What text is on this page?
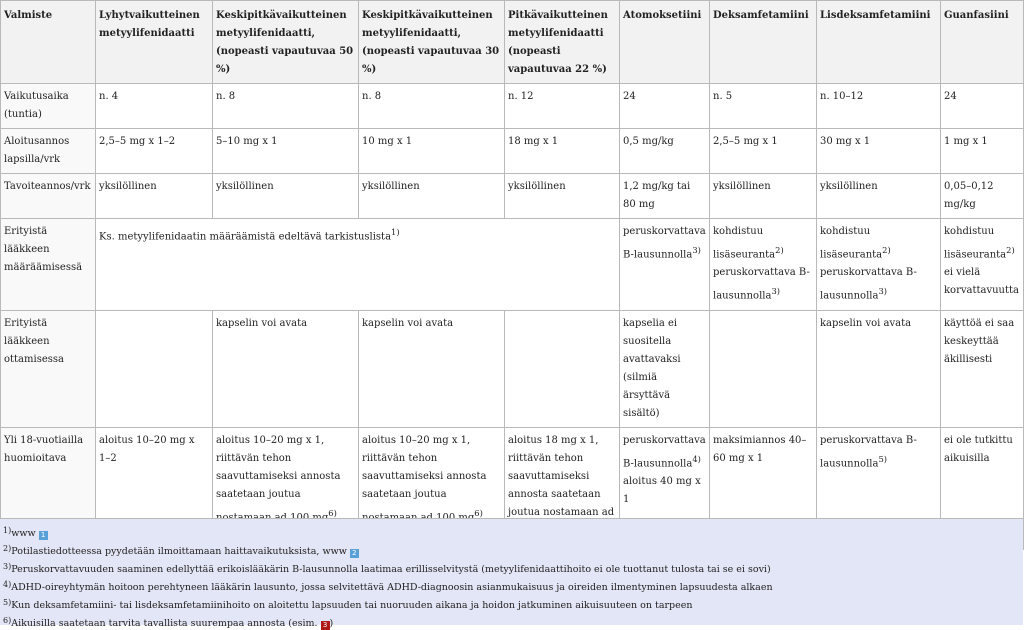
Valmiste	Lyhytvaikutteinen metyylifenidaatti	Keskipitkävaikutteinen metyylifenidaatti, (nopeasti vapautuvaa 50 %)	Keskipitkävaikutteinen metyylifenidaatti, (nopeasti vapautuvaa 30 %)	Pitkävaikutteinen metyylifenidaatti (nopeasti vapautuvaa 22 %)	Atomoksetiini	Deksamfetamiini	Lisdeksamfetamiini	Guanfasiini
Vaikutusaika (tuntia)	n. 4	n. 8	n. 8	n. 12	24	n. 5	n. 10–12	24
Aloitusannos lapsilla/vrk	2,5–5 mg x 1–2	5–10 mg x 1	10 mg x 1	18 mg x 1	0,5 mg/kg	2,5–5 mg x 1	30 mg x 1	1 mg x 1
Tavoiteannos/vrk	yksilöllinen	yksilöllinen	yksilöllinen	yksilöllinen	1,2 mg/kg tai 80 mg	yksilöllinen	yksilöllinen	0,05–0,12 mg/kg
Erityistä lääkkeen määräämisessä	Ks. metyylifenidaatin määräämistä edeltävä tarkistuslista$^{1)}$				peruskorvattava B-lausunnolla$^{3)}$	kohdistuu lisäseuranta$^{2)}$ peruskorvattava B-lausunnolla$^{3)}$	kohdistuu lisäseuranta$^{2)}$ peruskorvattava B-lausunnolla$^{3)}$	kohdistuu lisäseuranta$^{2)}$ ei vielä korvattavuutta
Erityistä lääkkeen ottamisessa		kapselin voi avata	kapselin voi avata		kapselia ei suositella avattavaksi (silmiä ärsyttävä sisältö)		kapselin voi avata	käyttöä ei saa keskeyttää äkillisesti
Yli 18-vuotiailla huomioitava	aloitus 10–20 mg x 1–2	aloitus 10–20 mg x 1, riittävän tehon saavuttamiseksi annosta saatetaan joutua $^{6)}$	aloitus 10–20 mg x 1, riittävän tehon saavuttamiseksi annosta saatetaan joutua $^{6)}$	aloitus 18 mg x 1, riittävän tehon saavuttamiseksi annosta saatetaan joutua nostamaan ad	peruskorvattava B-lausunnolla$^{4)}$ aloitus 40 mg x 1	maksimiannos 40–60 mg x 1	peruskorvattava B-lausunnolla$^{5)}$	ei ole tutkittu aikuisilla
$^{1)}$www 1
$^{2)}$Potilastiedotteessa pyydetään ilmoittamaan haittavaikutuksista, www 2
$^{3)}$Peruskorvattavuuden saaminen edellyttää erikoislääkärin B-lausunnolla laatimaa erillisselvitystä (metyylifenidaattihoito ei ole tuottanut tulosta tai se ei sovi)
$^{4)}$ADHD-oireyhtymän hoitoon perehtyneen lääkärin lausunto, jossa selvitettävä ADHD-diagnoosin asianmukaisuus ja oireiden ilmentyminen lapsuudesta alkaen
$^{5)}$Kun deksamfetamiini- tai lisdeksamfetamiinihoito on aloitettu lapsuuden tai nuoruuden aikana ja hoidon jatkuminen aikuisuuteen on tarpeen
$^{6)}$Aikuisilla saatetaan tarvita tavallista suurempaa annosta (esim. 3 )
